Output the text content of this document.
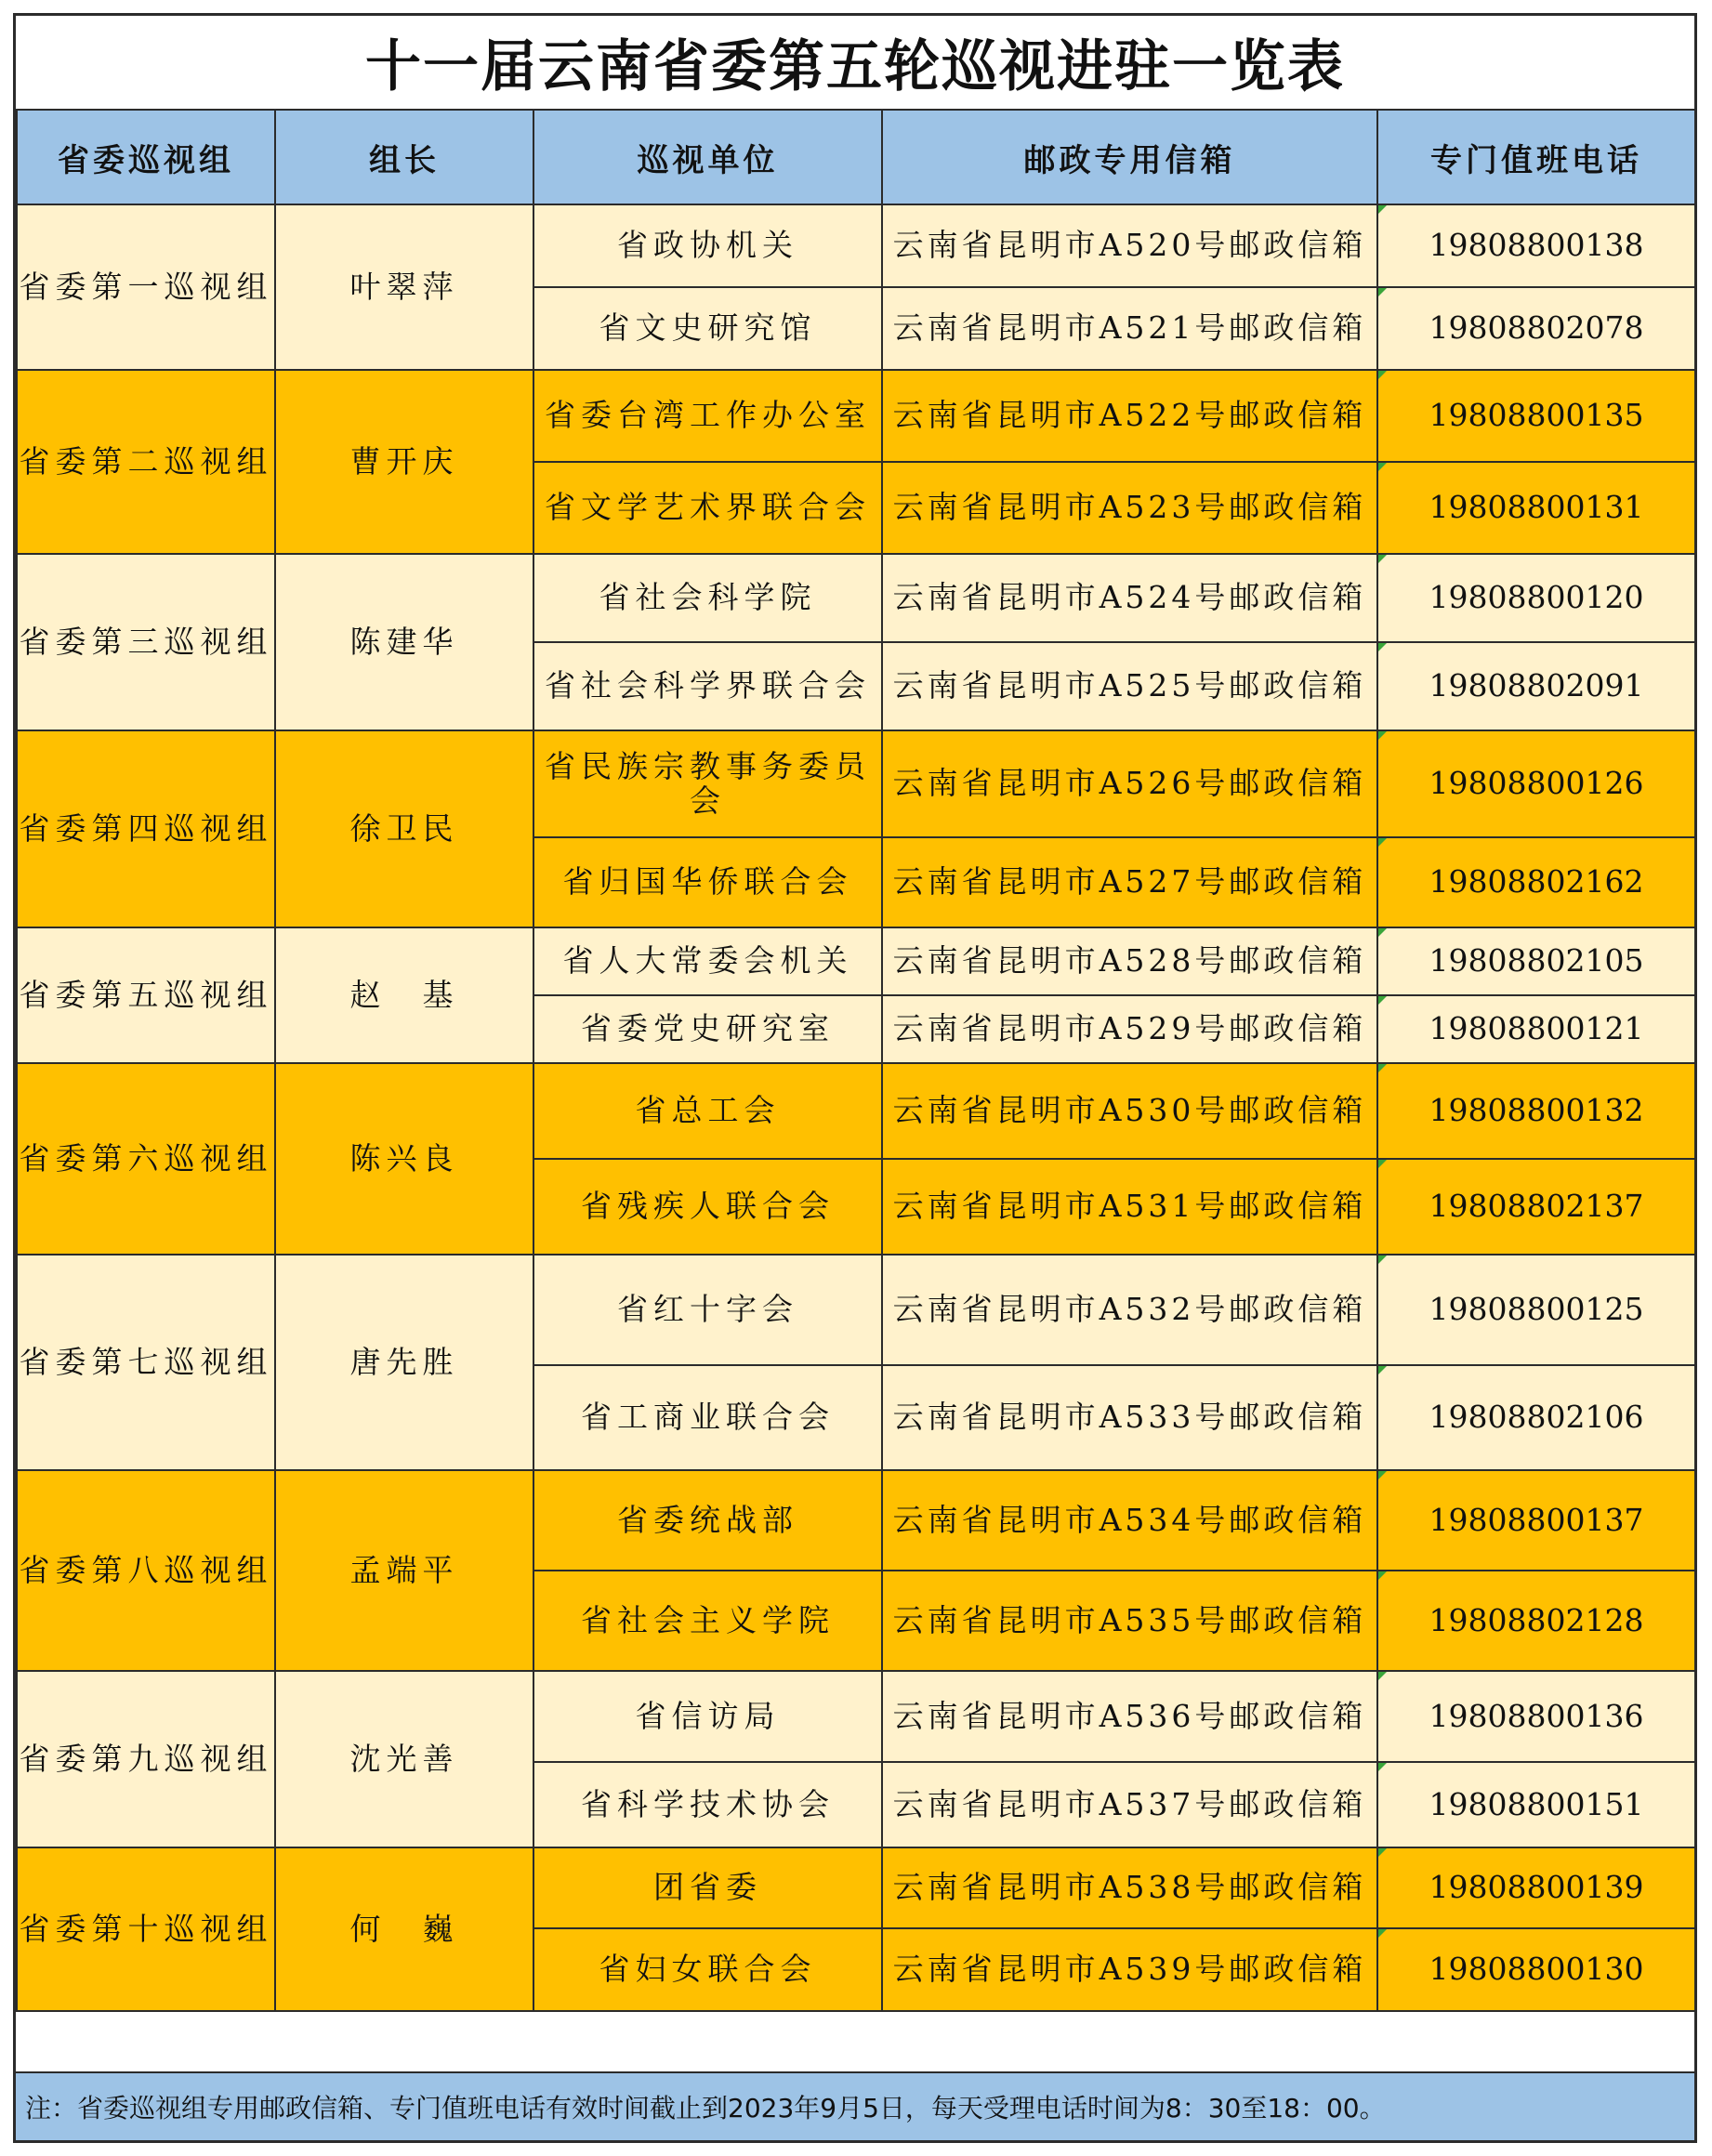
十一届云南省委第五轮巡视进驻一览表
省委巡视组	组长	巡视单位	邮政专用信箱	专门值班电话
省委第一巡视组	叶翠萍	省政协机关	云南省昆明市A520号邮政信箱	19808800138
		省文史研究馆	云南省昆明市A521号邮政信箱	19808802078
省委第二巡视组	曹开庆	省委台湾工作办公室	云南省昆明市A522号邮政信箱	19808800135
		省文学艺术界联合会	云南省昆明市A523号邮政信箱	19808800131
省委第三巡视组	陈建华	省社会科学院	云南省昆明市A524号邮政信箱	19808800120
		省社会科学界联合会	云南省昆明市A525号邮政信箱	19808802091
省委第四巡视组	徐卫民	省民族宗教事务委员会	云南省昆明市A526号邮政信箱	19808800126
		省归国华侨联合会	云南省昆明市A527号邮政信箱	19808802162
省委第五巡视组	赵　基	省人大常委会机关	云南省昆明市A528号邮政信箱	19808802105
		省委党史研究室	云南省昆明市A529号邮政信箱	19808800121
省委第六巡视组	陈兴良	省总工会	云南省昆明市A530号邮政信箱	19808800132
		省残疾人联合会	云南省昆明市A531号邮政信箱	19808802137
省委第七巡视组	唐先胜	省红十字会	云南省昆明市A532号邮政信箱	19808800125
		省工商业联合会	云南省昆明市A533号邮政信箱	19808802106
省委第八巡视组	孟端平	省委统战部	云南省昆明市A534号邮政信箱	19808800137
		省社会主义学院	云南省昆明市A535号邮政信箱	19808802128
省委第九巡视组	沈光善	省信访局	云南省昆明市A536号邮政信箱	19808800136
		省科学技术协会	云南省昆明市A537号邮政信箱	19808800151
省委第十巡视组	何　巍	团省委	云南省昆明市A538号邮政信箱	19808800139
		省妇女联合会	云南省昆明市A539号邮政信箱	19808800130
注：省委巡视组专用邮政信箱、专门值班电话有效时间截止到2023年9月5日，每天受理电话时间为8：30至18：00。
